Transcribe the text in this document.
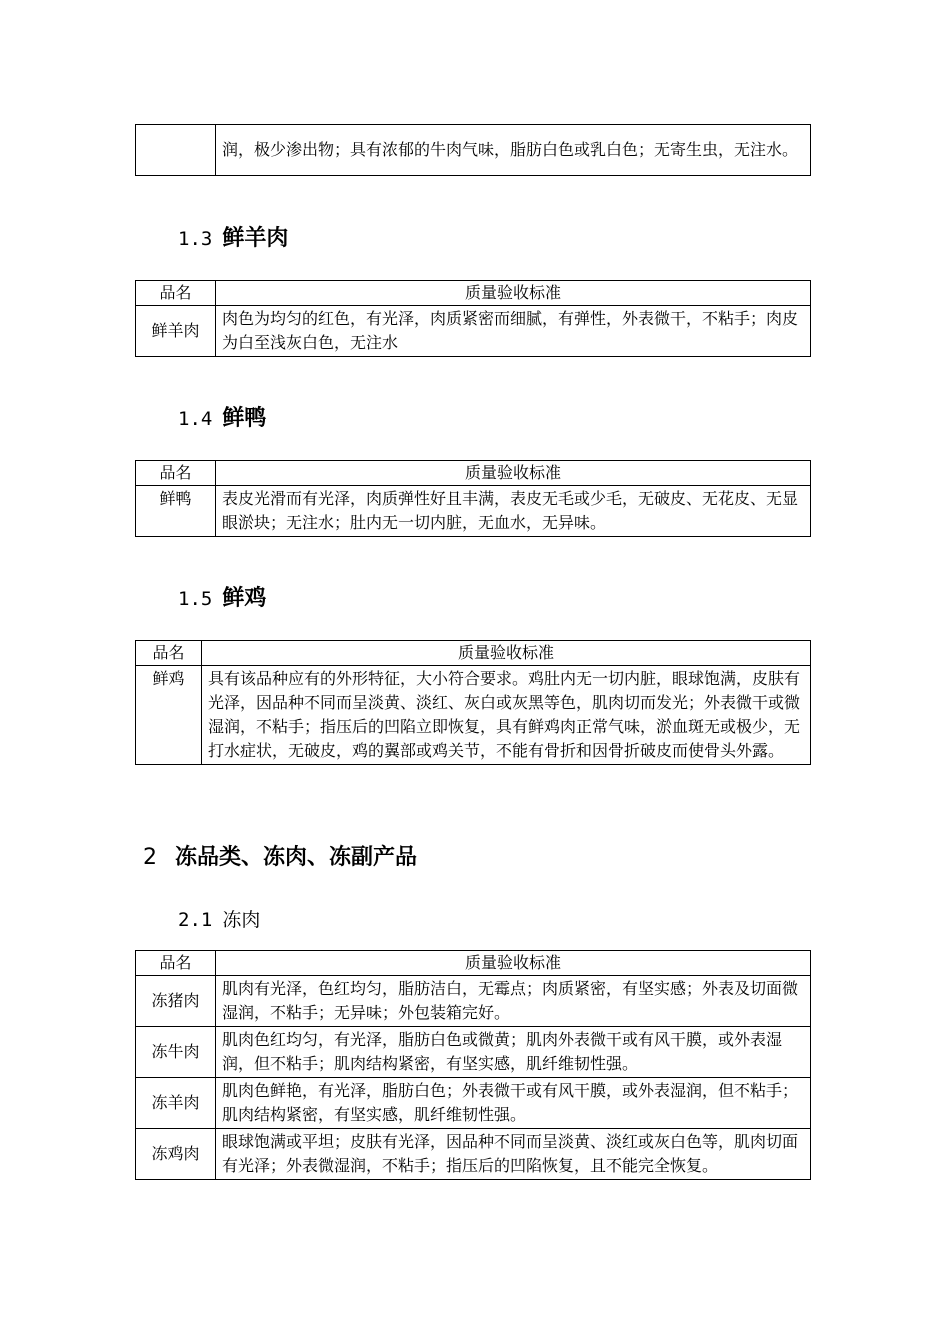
	润，极少渗出物；具有浓郁的牛肉气味，脂肪白色或乳白色；无寄生虫，无注水。
1.3 鲜羊肉
品名	质量验收标准
鲜羊肉	肉色为均匀的红色，有光泽，肉质紧密而细腻，有弹性，外表微干，不粘手；肉皮为白至浅灰白色，无注水
1.4 鲜鸭
品名	质量验收标准
鲜鸭	表皮光滑而有光泽，肉质弹性好且丰满，表皮无毛或少毛，无破皮、无花皮、无显眼淤块；无注水；肚内无一切内脏，无血水，无异味。
1.5 鲜鸡
品名	质量验收标准
鲜鸡	具有该品种应有的外形特征，大小符合要求。鸡肚内无一切内脏，眼球饱满，皮肤有光泽，因品种不同而呈淡黄、淡红、灰白或灰黑等色，肌肉切而发光；外表微干或微湿润，不粘手；指压后的凹陷立即恢复，具有鲜鸡肉正常气味，淤血斑无或极少，无打水症状，无破皮，鸡的翼部或鸡关节，不能有骨折和因骨折破皮而使骨头外露。
2 冻品类、冻肉、冻副产品
2.1 冻肉
品名	质量验收标准
冻猪肉	肌肉有光泽，色红均匀，脂肪洁白，无霉点；肉质紧密，有坚实感；外表及切面微湿润，不粘手；无异味；外包装箱完好。
冻牛肉	肌肉色红均匀，有光泽，脂肪白色或微黄；肌肉外表微干或有风干膜，或外表湿润，但不粘手；肌肉结构紧密，有坚实感，肌纤维韧性强。
冻羊肉	肌肉色鲜艳，有光泽，脂肪白色；外表微干或有风干膜，或外表湿润，但不粘手；肌肉结构紧密，有坚实感，肌纤维韧性强。
冻鸡肉	眼球饱满或平坦；皮肤有光泽，因品种不同而呈淡黄、淡红或灰白色等，肌肉切面有光泽；外表微湿润，不粘手；指压后的凹陷恢复，且不能完全恢复。
